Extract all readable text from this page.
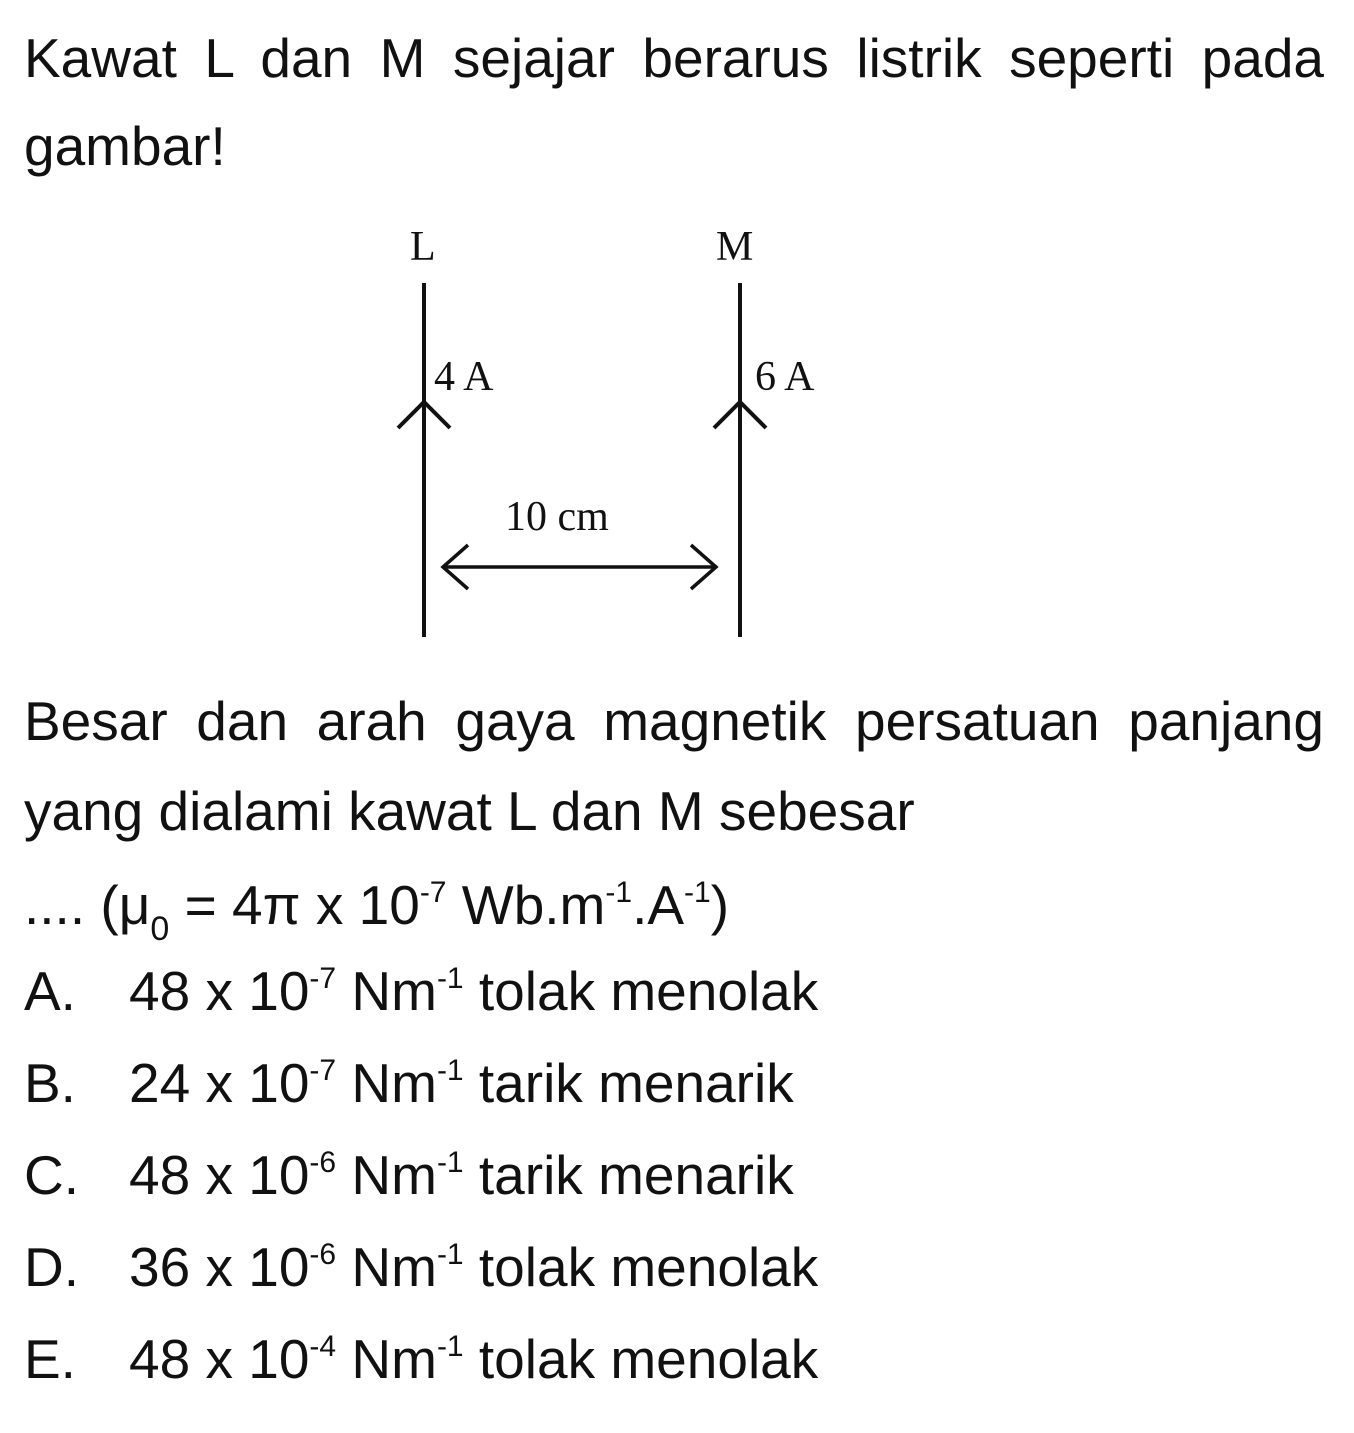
Kawat L dan M sejajar berarus listrik seperti pada gambar!

L	M
4 A	6 A
10 cm

Besar dan arah gaya magnetik persatuan panjang yang dialami kawat L dan M sebesar

.... ($\mu_0 = 4\pi$ x $10^{-7}$ $Wb.m^{-1}.A^{-1}$)
A. 48 x $10^{-7}$ $Nm^{-1}$ tolak menolak
B. 24 x $10^{-7}$ $Nm^{-1}$ tarik menarik
C. 48 x $10^{-6}$ $Nm^{-1}$ tarik menarik
D. 36 x $10^{-6}$ $Nm^{-1}$ tolak menolak
E. 48 x $10^{-4}$ $Nm^{-1}$ tolak menolak
